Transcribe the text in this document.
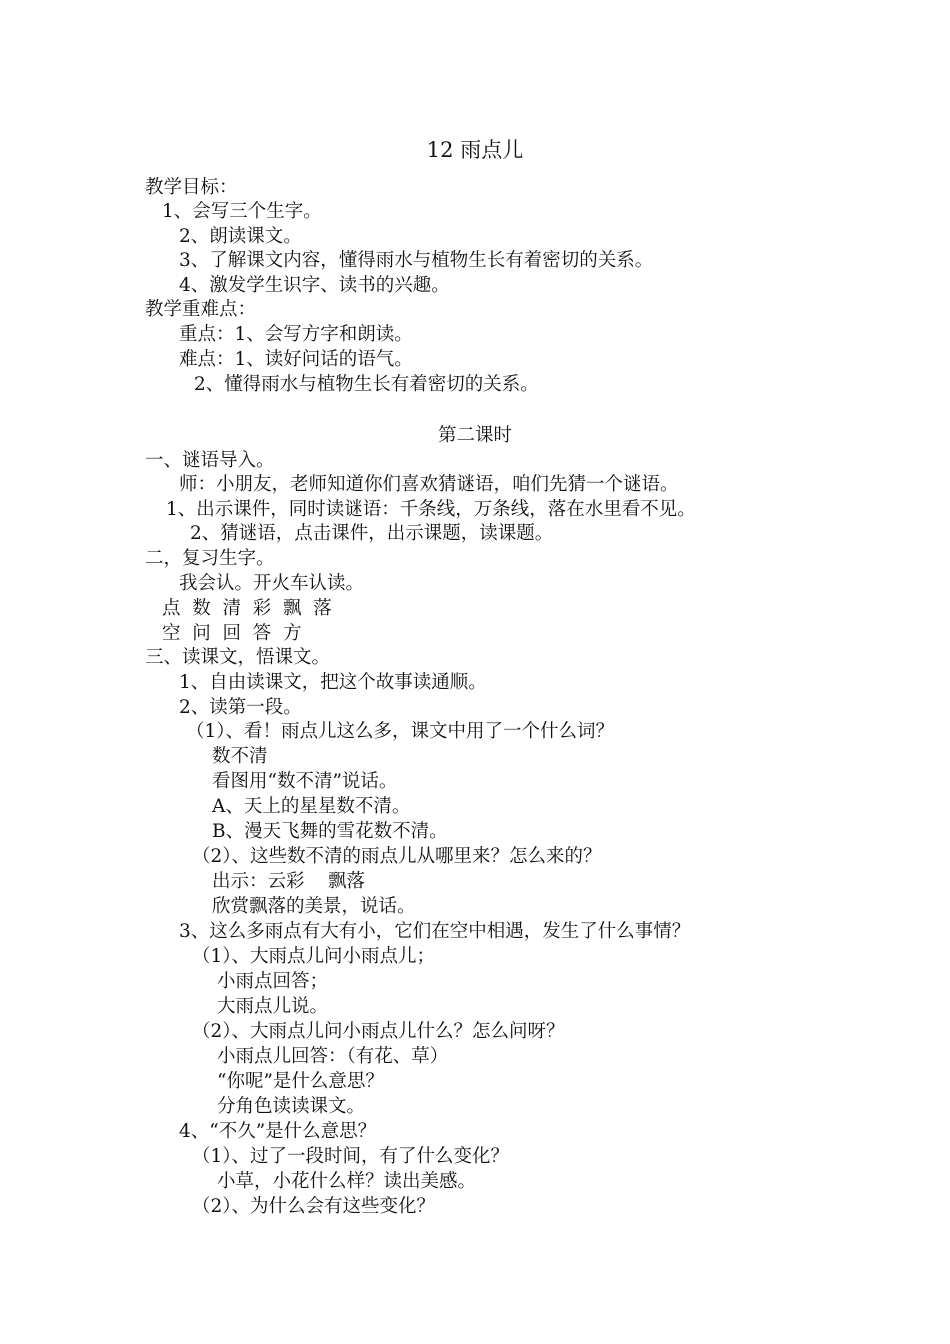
12 雨点儿
教学目标：
1、会写三个生字。
2、朗读课文。
3、了解课文内容，懂得雨水与植物生长有着密切的关系。
4、激发学生识字、读书的兴趣。
教学重难点：
重点：1、会写方字和朗读。
难点：1、读好问话的语气。
2、懂得雨水与植物生长有着密切的关系。
第二课时
一、谜语导入。
师：小朋友，老师知道你们喜欢猜谜语，咱们先猜一个谜语。
1、出示课件，同时读谜语：千条线，万条线，落在水里看不见。
2、猜谜语，点击课件，出示课题，读课题。
二，复习生字。
我会认。开火车认读。
点  数  清  彩  飘  落
空  问  回  答  方
三、读课文，悟课文。
1、自由读课文，把这个故事读通顺。
2、读第一段。
（1）、看！雨点儿这么多，课文中用了一个什么词？
数不清
看图用“数不清”说话。
A、天上的星星数不清。
B、漫天飞舞的雪花数不清。
（2）、这些数不清的雨点儿从哪里来？怎么来的？
出示：云彩    飘落
欣赏飘落的美景，说话。
3、这么多雨点有大有小，它们在空中相遇，发生了什么事情？
（1）、大雨点儿问小雨点儿；
小雨点回答；
大雨点儿说。
（2）、大雨点儿问小雨点儿什么？怎么问呀？
小雨点儿回答：（有花、草）
“你呢”是什么意思？
分角色读读课文。
4、“不久”是什么意思？
（1）、过了一段时间，有了什么变化？
小草，小花什么样？读出美感。
（2）、为什么会有这些变化？
